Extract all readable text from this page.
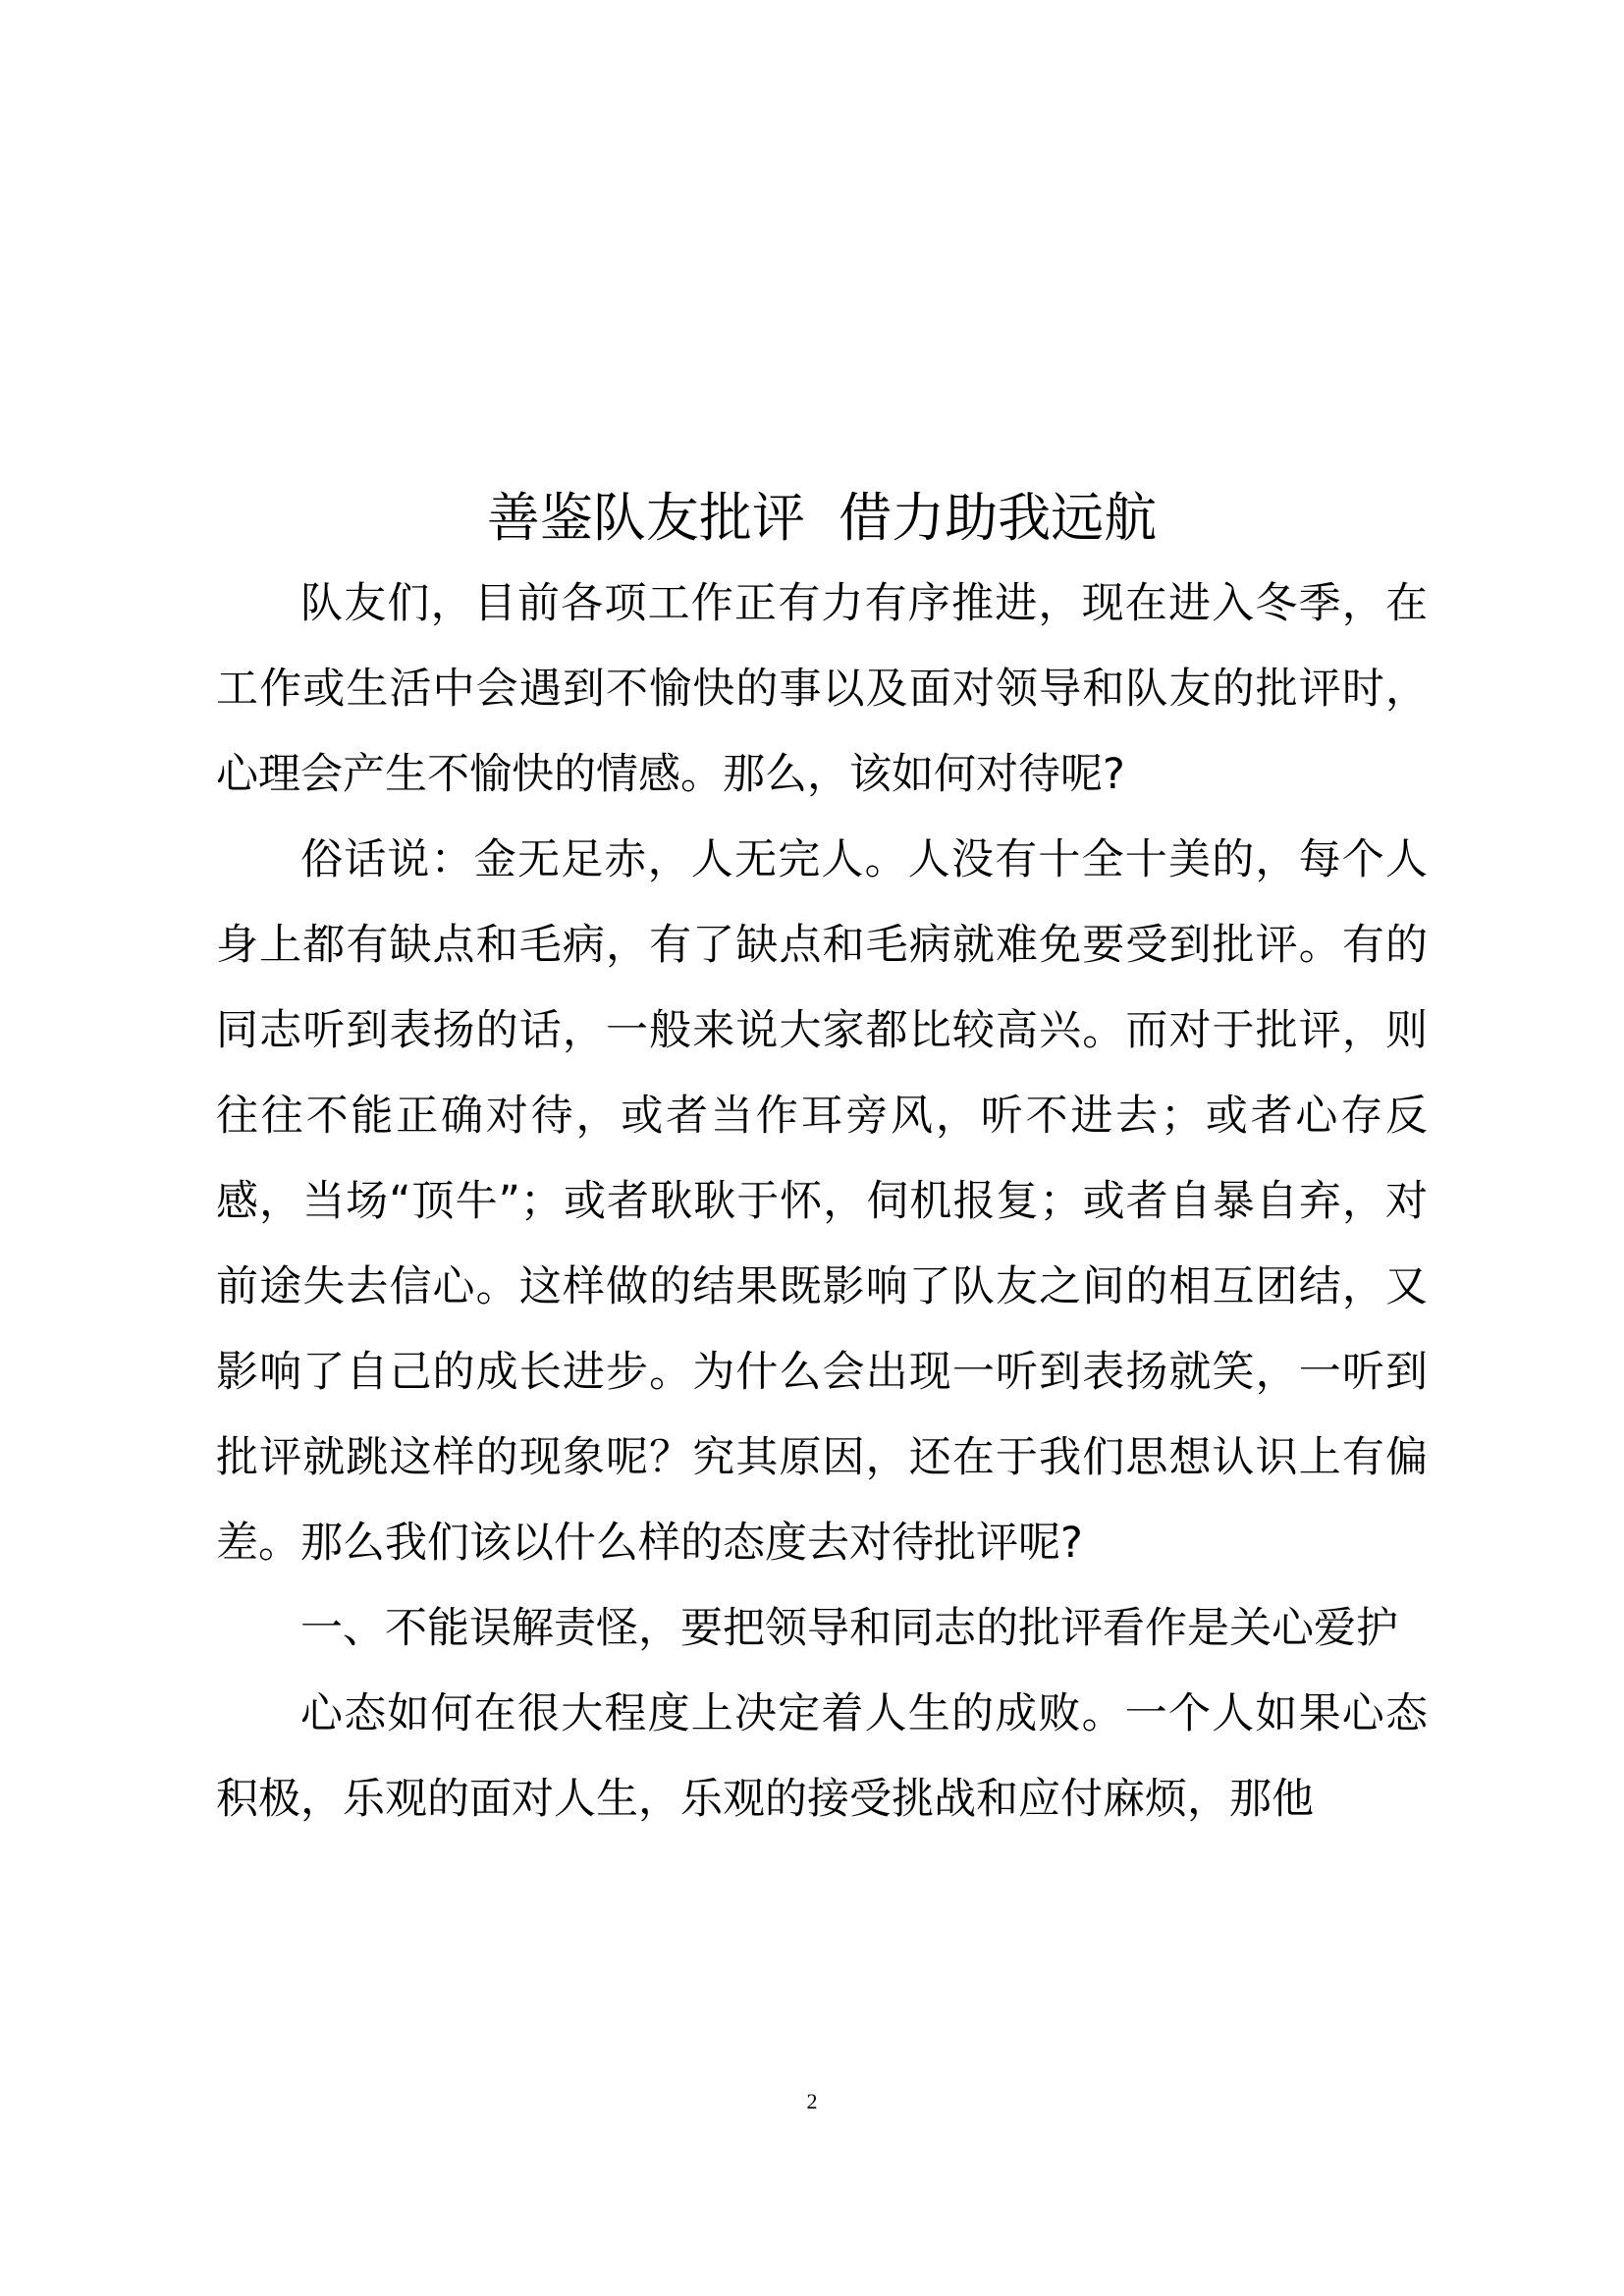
善鉴队友批评  借力助我远航

队友们，目前各项工作正有力有序推进，现在进入冬季，在工作或生活中会遇到不愉快的事以及面对领导和队友的批评时，心理会产生不愉快的情感。那么，该如何对待呢?

俗话说：金无足赤，人无完人。人没有十全十美的，每个人身上都有缺点和毛病，有了缺点和毛病就难免要受到批评。有的同志听到表扬的话，一般来说大家都比较高兴。而对于批评，则往往不能正确对待，或者当作耳旁风，听不进去；或者心存反感，当场“顶牛”；或者耿耿于怀，伺机报复；或者自暴自弃，对前途失去信心。这样做的结果既影响了队友之间的相互团结，又影响了自己的成长进步。为什么会出现一听到表扬就笑，一听到批评就跳这样的现象呢？究其原因，还在于我们思想认识上有偏差。那么我们该以什么样的态度去对待批评呢?

一、不能误解责怪，要把领导和同志的批评看作是关心爱护

心态如何在很大程度上决定着人生的成败。一个人如果心态积极，乐观的面对人生，乐观的接受挑战和应付麻烦，那他

2
